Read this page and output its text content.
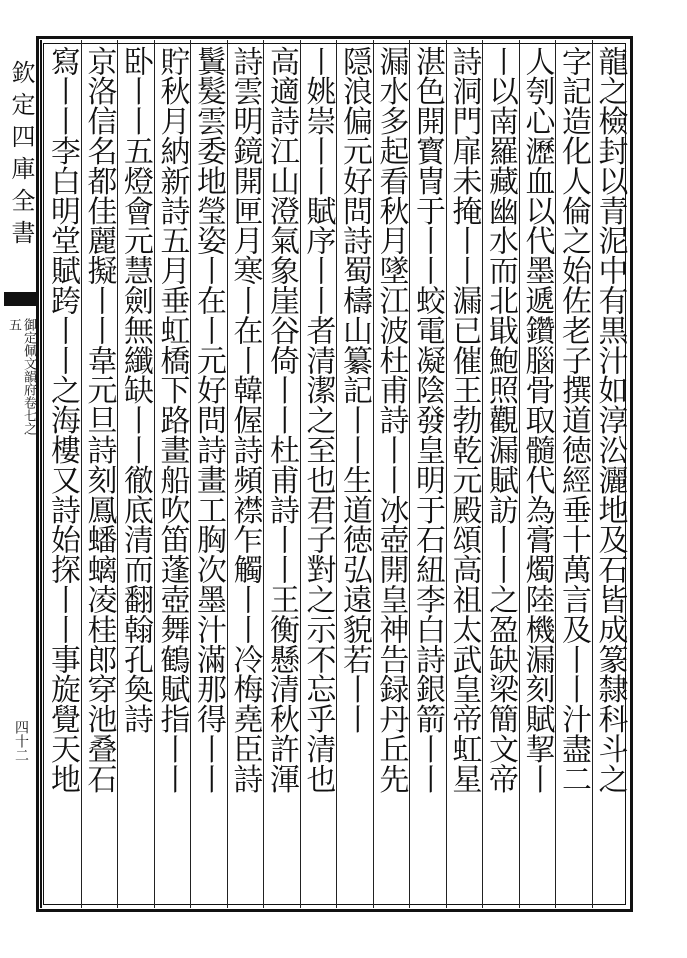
欽定四庫全書
御定佩文韻府卷七之五
四十二	龍之檢封以青泥中有黒汁如淳㳂灑地及石皆成篆隸科斗之
字記造化人倫之始佐老子撰道徳經垂十萬言及丨丨汁盡二
人刳心瀝血以代墨遞鑽腦骨取髓代為膏燭陸機漏刻賦挈丨
丨以南羅藏幽水而北戢鮑照觀漏賦訪丨丨之盈缺梁簡文帝
詩洞門扉未掩丨丨漏已催王勃乾元殿頌高祖太武皇帝虹星
湛色開寳冑于丨丨蛟電凝陰發皇明于石紐李白詩銀箭丨丨
漏水多起看秋月墜江波杜甫詩丨丨冰壺開皇神告録丹丘先
隠浪偏元好問詩蜀檮山纂記丨丨生道徳弘遠貌若丨丨
丨姚崇丨丨賦序丨丨者清潔之至也君子對之示不忘乎清也
高適詩江山澄氣象崖谷倚丨丨杜甫詩丨丨王衡懸清秋許渾
詩雲明鏡開匣月寒丨在丨韓偓詩頻襟乍觸丨丨冷梅堯臣詩
鬒髮雲委地瑩姿丨在丨元好問詩畫工胸次墨汁滿那得丨丨
貯秋月納新詩五月垂虹橋下路畫船吹笛蓬壺舞鶴賦指丨丨
卧丨丨五燈會元慧劍無纖缺丨丨徹底清而翻翰孔奐詩
京洛信名都佳麗擬丨丨韋元旦詩刻鳳蟠螭凌桂郎穿池叠石
寫丨丨李白明堂賦跨丨丨之海樓又詩始探丨丨事旋覺天地
